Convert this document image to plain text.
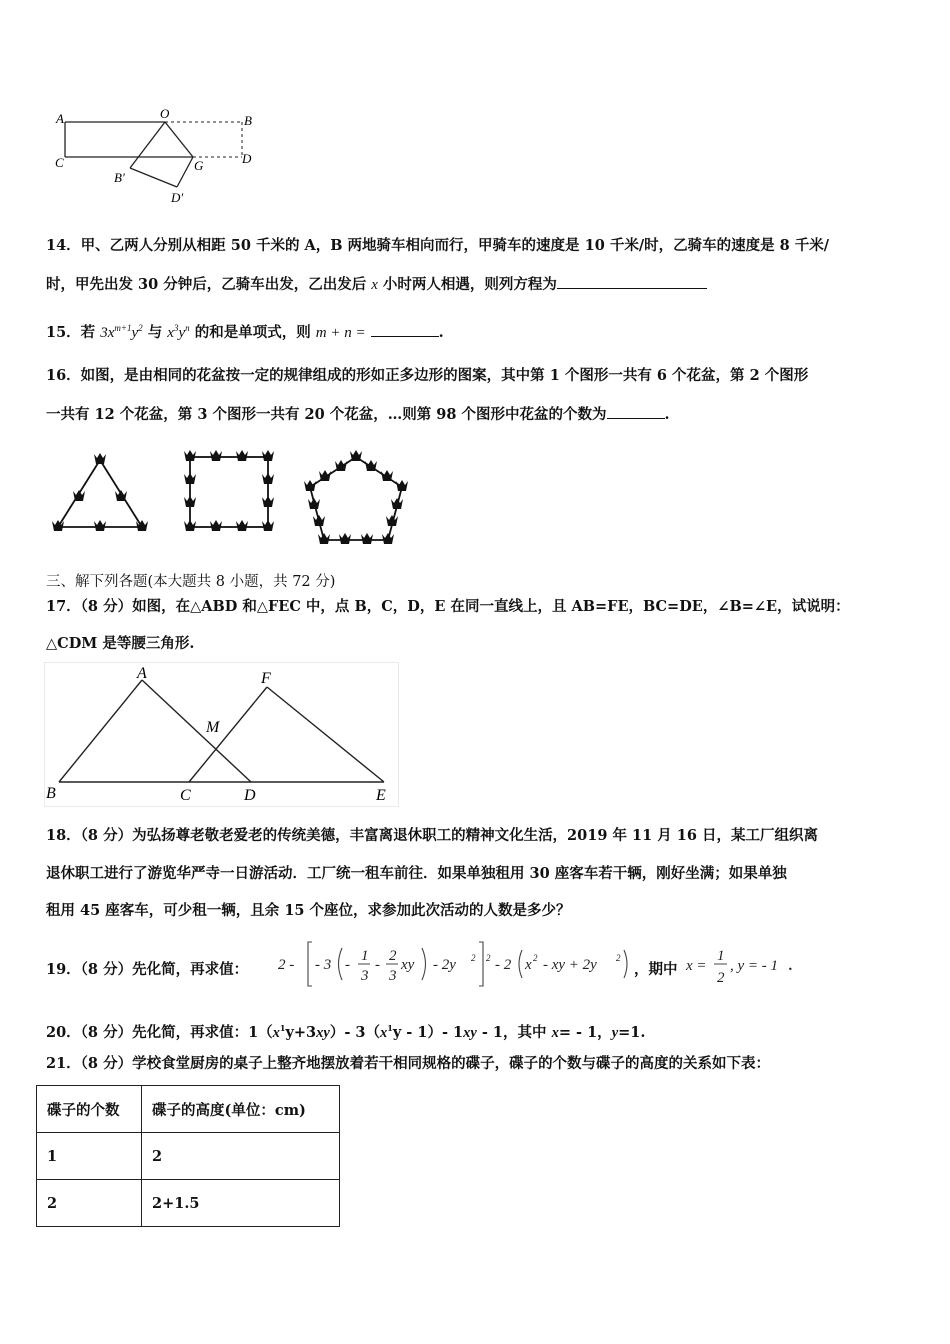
A	O	B
C	G	D
B′
D′
14．甲、乙两人分别从相距 50 千米的 A，B 两地骑车相向而行，甲骑车的速度是 10 千米/时，乙骑车的速度是 8 千米/
时，甲先出发 30 分钟后，乙骑车出发，乙出发后 x 小时两人相遇，则列方程为
15．若 $3x^{m+1}y^2$ 与 $x^3y^n$ 的和是单项式，则 m + n =	.
16．如图，是由相同的花盆按一定的规律组成的形如正多边形的图案，其中第 1 个图形一共有 6 个花盆，第 2 个图形
一共有 12 个花盆，第 3 个图形一共有 20 个花盆，…则第 98 个图形中花盆的个数为	.
三、解下列各题(本大题共 8 小题，共 72 分)
17．（8 分）如图，在△ABD 和△FEC 中，点 B，C，D，E 在同一直线上，且 AB=FE，BC=DE，∠B=∠E，试说明：
△CDM 是等腰三角形.
A	F
M
B	C	D	E
18．（8 分）为弘扬尊老敬老爱老的传统美德，丰富离退休职工的精神文化生活，2019 年 11 月 16 日，某工厂组织离
退休职工进行了游览华严寺一日游活动．工厂统一租车前往．如果单独租用 30 座客车若干辆，刚好坐满；如果单独
租用 45 座客车，可少租一辆，且余 15 个座位，求参加此次活动的人数是多少？
19．（8 分）先化简，再求值： 2 - - 3 -
1
3
-
2
3
xy - 2y 2 2 - 2 x 2 - xy + 2y 2
，期中 x =
1
2
, y = - 1 .
20．（8 分）先化简，再求值：$1(x^1y+3xy)-$ $3(x^1y - 1)-$ 1xy - 1，其中 x= - 1，y=1.
21．（8 分）学校食堂厨房的桌子上整齐地摆放着若干相同规格的碟子，碟子的个数与碟子的高度的关系如下表：
碟子的个数	碟子的高度(单位：cm)
1	2
2	2+1.5
